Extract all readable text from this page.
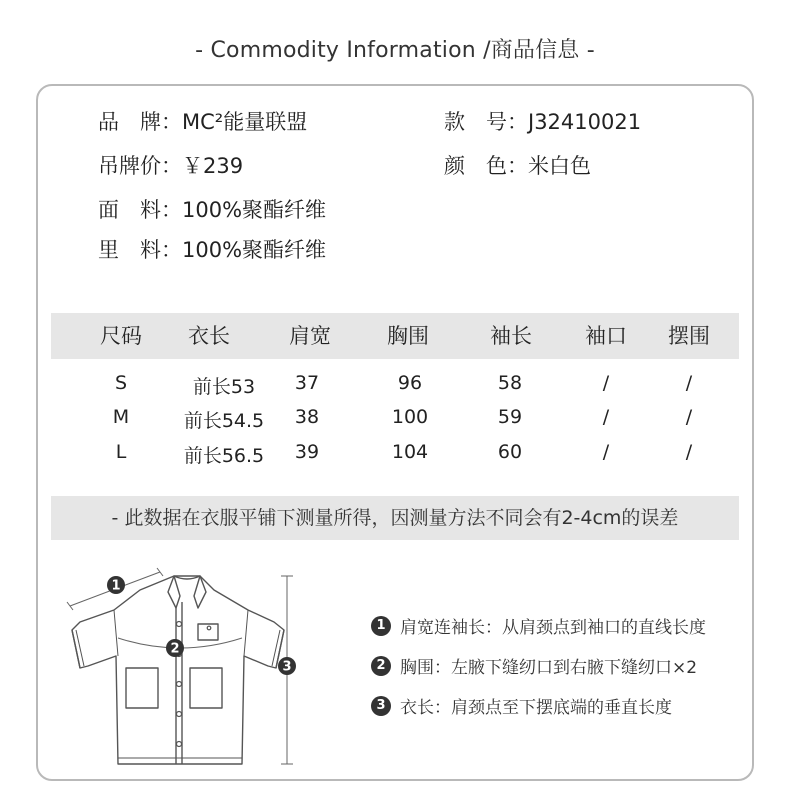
- Commodity Information /商品信息 -
品　牌：MC²能量联盟	款　号：J32410021
吊牌价：￥239	颜　色：米白色
面　料：100%聚酯纤维
里　料：100%聚酯纤维
尺码	衣长	肩宽	胸围	袖长	袖口	摆围
S	前长53	37	96	58	/	/
M	前长54.5	38	100	59	/	/
L	前长56.5	39	104	60	/	/
- 此数据在衣服平铺下测量所得，因测量方法不同会有2-4cm的误差
1
2
3
1 肩宽连袖长：从肩颈点到袖口的直线长度
2 胸围：左腋下缝纫口到右腋下缝纫口×2
3 衣长：肩颈点至下摆底端的垂直长度
